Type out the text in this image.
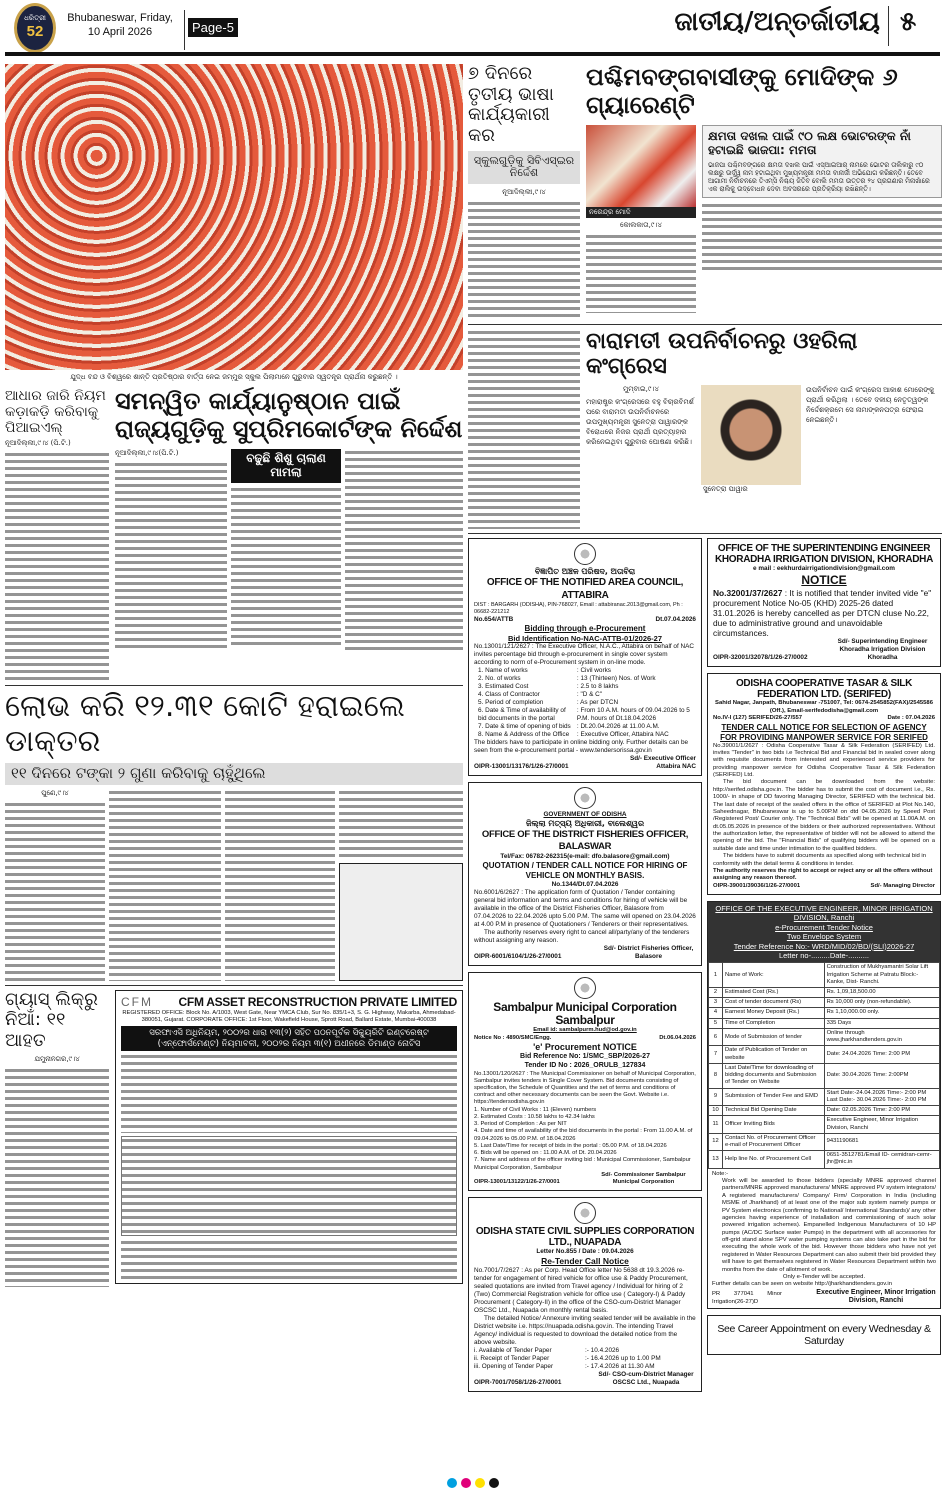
ଧରିତ୍ରୀ
52
Bhubaneswar, Friday,
10 April 2026	Page-5	ଜାତୀୟ/ଅନ୍ତର୍ଜାତୀୟ ୫
ଯୁଦ୍ଧ ବନ୍ଦ ଓ ବିଶ୍ୱରେ ଶାନ୍ତି ପ୍ରତିଷ୍ଠାର ବାର୍ତ୍ତା ନେଇ ଜମ୍ମୁର ସ୍କୁଲ ପିଲାମାନେ ଗୁରୁବାର ସ୍ୱତନ୍ତ୍ର ପ୍ରାର୍ଥନା କରୁଛନ୍ତି ।
ଆଧାର ଜାରି ନିୟମ କଡ଼ାକଡ଼ି କରିବାକୁ ପିଆଇଏଲ୍
ନୂଆଦିଲ୍ଲୀ,୯।୪ (ପି.ଟି.)
ସମନ୍ୱିତ କାର୍ଯ୍ୟାନୁଷ୍ଠାନ ପାଇଁ ରାଜ୍ୟଗୁଡ଼ିକୁ ସୁପ୍ରିମକୋର୍ଟଙ୍କ ନିର୍ଦ୍ଦେଶ
ନୂଆଦିଲ୍ଲୀ,୯।୪(ପି.ଟି.)	ବଢୁଛି ଶିଶୁ ଚାଲାଣ ମାମଲା
ଲୋଭ କରି ୧୨.୩୧ କୋଟି ହରାଇଲେ ଡାକ୍ତର
୧୧ ଦିନରେ ଟଙ୍କା ୨ ଗୁଣା କରିବାକୁ ଚାହୁଁଥିଲେ
ପୁଣେ,୯।୪
ଗ୍ୟାସ୍ ଲିକ୍‌ରୁ ନିଆଁ: ୧୧ ଆହତ
ଯମୁନାନଗର,୯।୪
CFM CFM ASSET RECONSTRUCTION PRIVATE LIMITED
REGISTERED OFFICE: Block No. A/1003, West Gate, Near YMCA Club, Sur No. 835/1+3, S. G. Highway, Makarba, Ahmedabad-380051, Gujarat. CORPORATE OFFICE: 1st Floor, Wakefield House, Sprott Road, Ballard Estate, Mumbai-400038
ସରଫାଏସି ଅଧିନିୟମ, ୨୦୦୨ର ଧାରା ୧୩(୨) ସହିତ ପଠନପୂର୍ବକ ସିକ୍ୟୁରିଟି ଇଣ୍ଟରେଷ୍ଟ (ଏନ୍‌ଫୋର୍ସମେଣ୍ଟ) ନିୟମାବଳୀ, ୨୦୦୨ର ନିୟମ ୩(୧) ଅଧୀନରେ ଡିମାଣ୍ଡ ନୋଟିସ
୭ ଦିନରେ ତୃତୀୟ ଭାଷା କାର୍ଯ୍ୟକାରୀ କର
ସ୍କୁଲଗୁଡ଼ିକୁ ସିବିଏସ୍‌ଇର ନିର୍ଦ୍ଦେଶ
ନୂଆଦିଲ୍ଲୀ,୯।୪
ପଶ୍ଚିମବଙ୍ଗବାସୀଙ୍କୁ ମୋଦିଙ୍କ ୬ ଗ୍ୟାରେଣ୍ଟି
ନରେନ୍ଦ୍ର ମୋଦି
କୋଲକାତା,୯।୪
କ୍ଷମତା ଦଖଲ ପାଇଁ ୯୦ ଲକ୍ଷ ଭୋଟରଙ୍କ ନାଁ ହଟାଇଛି ଭାଜପା: ମମତା
ଭାଜପା ପଶ୍ଚିମବଙ୍ଗରେ କ୍ଷମତା ଦଖଲ ପାଇଁ ଏସ୍ଆଇଆର୍ ନାମରେ ଭୋଟର ତାଲିକାରୁ ୯୦ ଲକ୍ଷରୁ ଊର୍ଦ୍ଧ୍ୱ ନାମ ହଟାଇଥିବା ମୁଖ୍ୟମନ୍ତ୍ରୀ ମମତା ବାନାର୍ଜୀ ଅଭିଯୋଗ କରିଛନ୍ତି। ତେବେ ଆଗାମୀ ନିର୍ବାଚନରେ ତିଏମ୍‌ସି ନିଶ୍ଚୟ ଜିତିବ ବୋଲି ମମତା ଉତ୍ତର ୨୪ ପ୍ରଗଣାର ମିନାଖାଁରେ ଏକ ରାଲିକୁ ଉଦ୍‌ବୋଧନ ଦେବା ଅବସରରେ ପ୍ରତିକ୍ରିୟା ରଖିଛନ୍ତି।
ବାରାମତୀ ଉପନିର୍ବାଚନରୁ ଓହରିଲା କଂଗ୍ରେସ
ମୁମ୍ବାଇ,୯।୪
ମହାରାଷ୍ଟ୍ର କଂଗ୍ରେସରେ ବହୁ ବିଚାରବିମର୍ଶ ପରେ ବାରାମତୀ ଉପନିର୍ବାଚନରେ ଉପମୁଖ୍ୟମନ୍ତ୍ରୀ ସୁନେତ୍ରା ପାୱାରଙ୍କ ବିରୋଧରେ ନିଜର ପ୍ରାର୍ଥୀ ପ୍ରତ୍ୟାହାର କରିନେଇଥିବା ଗୁରୁବାର ଘୋଷଣା କରିଛି।
ସୁନେତ୍ରା ପାୱାର
ଉପନିର୍ବାଚନ ପାଇଁ କଂଗ୍ରେସ ଆକାଶ ମୋରେଙ୍କୁ ପ୍ରାର୍ଥୀ କରିଥିଲା । ତେବେ ଦଳୀୟ ନେତୃତ୍ୱଙ୍କ ନିର୍ଦ୍ଦେଶକ୍ରମେ ସେ ନାମାଙ୍କନପତ୍ର ଫେରାଇ ନେଇଛନ୍ତି।
ବିଜ୍ଞାପିତ ଅଞ୍ଚଳ ପରିଷଦ, ଅତାବିରା
OFFICE OF THE NOTIFIED AREA COUNCIL, ATTABIRA
DIST : BARGARH (ODISHA), PIN-768027, Email : attabiranac.2013@gmail.com, Ph : 06682-221212
No.654/ATTB	Dt.07.04.2026
Bidding through e-Procurement
Bid Identification No-NAC-ATTB-01/2026-27
No.13001/121/2627 : The Executive Officer, N.A.C., Attabira on behalf of NAC invites percentage bid through e-procurement in single cover system according to norm of e-Procurement system in on-line mode.
1. Name of works	: Civil works
2. No. of works	: 13 (Thirteen) Nos. of Work
3. Estimated Cost	: 2.5 to 8 lakhs
4. Class of Contractor	: "D & C"
5. Period of completion	: As per DTCN
6. Date & Time of availability of bid documents in the portal
: From 10 A.M. hours of 09.04.2026 to 5 P.M. hours of Dt.18.04.2026
7. Date & time of opening of bids : Dt.20.04.2026 at 11.00 A.M.
8. Name & Address of the Office	: Executive Officer, Attabira NAC
The bidders have to participate in online bidding only. Further details can be seen from the e-procurement portal - www.tendersorissa.gov.in
OIPR-13001/13176/1/26-27/0001
Sd/- Executive Officer Attabira NAC
GOVERNMENT OF ODISHA
ଜିଲ୍ଲା ମତ୍ସ୍ୟ ଅଧିକାରୀ, ବାଲେଶ୍ୱର
OFFICE OF THE DISTRICT FISHERIES OFFICER, BALASWAR
Tel/Fax: 06782-262315(e-mail: dfo.balasore@gmail.com)
QUOTATION / TENDER CALL NOTICE FOR HIRING OF VEHICLE ON MONTHLY BASIS.
No.1344/Dt.07.04.2026
No.6001/6/2627 : The application form of Quotation / Tender containing general bid information and terms and conditions for hiring of vehicle will be available in the office of the District Fisheries Officer, Balasore from 07.04.2026 to 22.04.2026 upto 5.00 P.M. The same will opened on 23.04.2026 at 4.00 P.M in presence of Quotationers / Tenderers or their representatives.
The authority reserves every right to cancel all/party/any of the tenderers without assigning any reason.
OIPR-6001/6104/1/26-27/0001
Sd/- District Fisheries Officer, Balasore
Sambalpur Municipal Corporation Sambalpur
Email id: sambalpurm.hud@od.gov.in
Notice No : 4890/SMC/Engg.	Dt.06.04.2026
'e' Procurement NOTICE
Bid Reference No: 1/SMC_SBP/2026-27
Tender ID No : 2026_ORULB_127834
No.13001/120/2627 : The Municipal Commissioner on behalf of Municipal Corporation, Sambalpur invites tenders in Single Cover System. Bid documents consisting of specification, the Schedule of Quantities and the set of terms and conditions of contract and other necessary documents can be seen the Govt. Website i.e. https://tendersodisha.gov.in
1. Number of Civil Works : 11 (Eleven) numbers
2. Estimated Costs : 10.58 lakhs to 42.34 lakhs
3. Period of Completion : As per NIT
4. Date and time of availability of the bid documents in the portal : From 11.00 A.M. of 09.04.2026 to 05.00 P.M. of 18.04.2026
5. Last Date/Time for receipt of bids in the portal : 05.00 P.M. of 18.04.2026
6. Bids will be opened on : 11.00 A.M. of Dt. 20.04.2026
7. Name and address of the officer inviting bid : Municipal Commissioner, Sambalpur Municipal Corporation, Sambalpur
OIPR-13001/13122/1/26-27/0001
Sd/- Commissioner Sambalpur Municipal Corporation
ODISHA STATE CIVIL SUPPLIES CORPORATION LTD., NUAPADA
Letter No.855 / Date : 09.04.2026
Re-Tender Call Notice
No.7001/7/2627 : As per Corp. Head Office letter No 5638 dt 19.3.2026 re-tender for engagement of hired vehicle for office use & Paddy Procurement, sealed quotations are invited from Travel agency / Individual for hiring of 2 (Two) Commercial Registration vehicle for office use ( Category-I) & Paddy Procurement ( Category-II) in the office of the CSO-cum-District Manager OSCSC Ltd., Nuapada on monthly rental basis.
The detailed Notice/ Annexure inviting sealed tender will be available in the District website i.e. https://nuapada.odisha.gov.in. The intending Travel Agency/ individual is requested to download the detailed notice from the above website.
i. Available of Tender Paper	:- 10.4.2026
ii. Receipt of Tender Paper	:- 16.4.2026 up to 1.00 PM
iii. Opening of Tender Paper	:- 17.4.2026 at 11.30 AM
OIPR-7001/7058/1/26-27/0001
Sd/- CSO-cum-District Manager OSCSC Ltd., Nuapada
OFFICE OF THE SUPERINTENDING ENGINEER KHORADHA IRRIGATION DIVISION, KHORADHA
e mail : eekhurdairrigationdivision@gmail.com
NOTICE
No.32001/37/2627 : It is notified that tender invited vide "e" procurement Notice No-05 (KHD) 2025-26 dated 31.01.2026 is hereby cancelled as per DTCN cluse No.22, due to administrative ground and unavoidable circumstances.
OIPR-32001/32078/1/26-27/0002
Sd/- Superintending Engineer Khoradha Irrigation Division Khoradha
ODISHA COOPERATIVE TASAR & SILK FEDERATION LTD. (SERIFED)
Sahid Nagar, Janpath, Bhubaneswar -751007, Tel: 0674-2545852(FAX)/2545586 (Off.), Email-serifedodisha@gmail.com
No.IV-I (127) SERIFED/26-27/557	Date : 07.04.2026
TENDER CALL NOTICE FOR SELECTION OF AGENCY FOR PROVIDING MANPOWER SERVICE FOR SERIFED
No.39001/1/2627 : Odisha Cooperative Tasar & Silk Federation (SERIFED) Ltd. invites "Tender" in two bids i.e Technical Bid and Financial bid in sealed cover along with requisite documents from interested and experienced service providers for providing manpower service for Odisha Cooperative Tasar & Silk Federation (SERIFED) Ltd.
The bid document can be downloaded from the website: http://serifed.odisha.gov.in. The bidder has to submit the cost of document i.e., Rs. 1000/- in shape of DD favoring Managing Director, SERIFED with the technical bid. The last date of receipt of the sealed offers in the office of SERIFED at Plot No.140, Saheednagar, Bhubaneswar is up to 5.00P.M on dtd 04.05.2026 by Speed Post /Registered Post/ Courier only. The "Technical Bids" will be opened at 11.00A.M. on dt.05.05.2026 in presence of the bidders or their authorized representatives. Without the authorization letter, the representative of bidder will not be allowed to attend the opening of the bid. The "Financial Bids" of qualifying bidders will be opened on a suitable date and time under intimation to the qualified bidders.
The bidders have to submit documents as specified along with technical bid in conformity with the detail terms & conditions in tender.
The authority reserves the right to accept or reject any or all the offers without assigning any reason thereof.
OIPR-39001/39036/1/26-27/0001	Sd/- Managing Director
OFFICE OF THE EXECUTIVE ENGINEER, MINOR IRRIGATION DIVISION, Ranchi
e-Procurement Tender Notice
Two Envelope System
Tender Reference No:- WRD/MID/02/BD/(SLI)2026-27
Letter no-.........Date-..........
1	Name of Work:	Construction of Mukhyamantri Solar Lift Irrigation Scheme at Patratu Block:- Kanke, Dist- Ranchi.
2	Estimated Cost (Rs.)	Rs. 1,09,18,500.00
3	Cost of tender document (Rs)	Rs 10,000 only (non-refundable).
4	Earnest Money Deposit (Rs.)	Rs 1,10,000.00 only.
5	Time of Completion	335 Days
6	Mode of Submission of tender	Online through www.jharkhandtenders.gov.in
7	Date of Publication of Tender on website	Date: 24.04.2026 Time: 2:00 PM
8	Last Date/Time for downloading of bidding documents and Submission of Tender on Website	Date: 30.04.2026 Time: 2:00PM
9	Submission of Tender Fee and EMD	Start Date:-24.04.2026 Time:- 2:00 PM Last Date:- 30.04.2026 Time:- 2:00 PM
10	Technical Bid Opening Date	Date: 02.05.2026 Time: 2:00 PM
11	Officer Inviting Bids	Executive Engineer, Minor Irrigation Division, Ranchi
12	Contact No. of Procurement Officer e-mail of Procurement Officer	9431190681
13	Help line No. of Procurement Cell	0651-3512781/Email ID- cemidran-cemr-jhr@nic.in
Note:-
Work will be awarded to those bidders (specially MNRE approved channel partners/MNRE approved manufacturers/ MNRE approved PV system integrators/ A registered manufacturers/ Company/ Firm/ Corporation in India (including MSME of Jharkhand) of at least one of the major sub system namely pumps or PV System electronics (confirming to National/ International Standards)/ any other agencies having experience of installation and commissioning of such solar powered irrigation schemes). Empanelled Indigenous Manufacturers of 10 HP pumps (AC/DC Surface water Pumps) in the department with all accessories for off-grid stand alone SPV water pumping systems can also take part in the bid for executing the whole work of the bid. However those bidders who have not yet registered in Water Resources Department can also submit their bid provided they will have to get themselves registered in Water Resources Department within two months from the date of allotment of work.
Only e-Tender will be accepted.
Further details can be seen on website http://jharkhandtenders.gov.in
PR 377041 Minor Irrigation(26-27)D
Executive Engineer, Minor Irrigation Division, Ranchi
See Career Appointment on every Wednesday & Saturday
